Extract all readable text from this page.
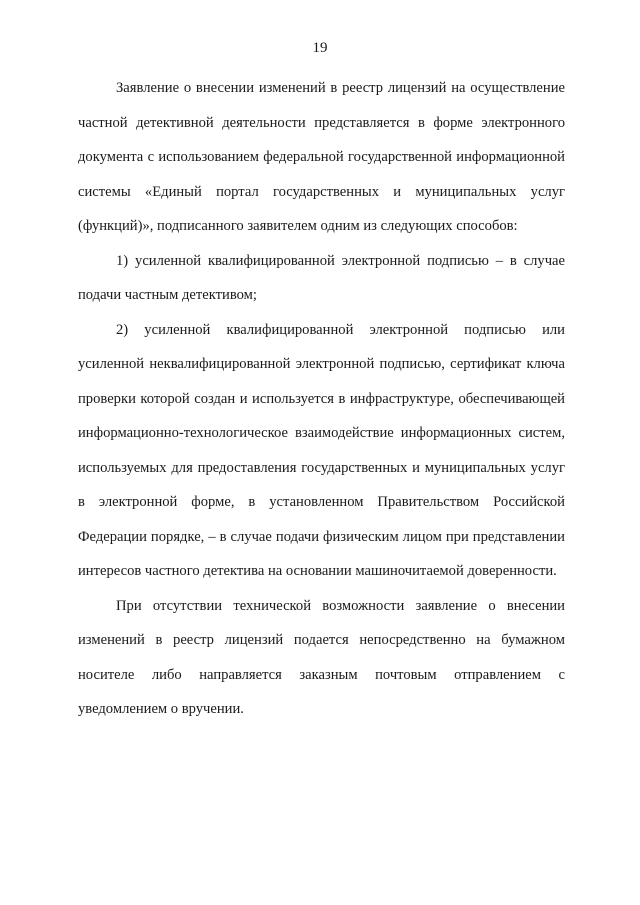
19

Заявление о внесении изменений в реестр лицензий на осуществление частной детективной деятельности представляется в форме электронного документа с использованием федеральной государственной информационной системы «Единый портал государственных и муниципальных услуг (функций)», подписанного заявителем одним из следующих способов:

1) усиленной квалифицированной электронной подписью – в случае подачи частным детективом;

2) усиленной квалифицированной электронной подписью или усиленной неквалифицированной электронной подписью, сертификат ключа проверки которой создан и используется в инфраструктуре, обеспечивающей информационно-технологическое взаимодействие информационных систем, используемых для предоставления государственных и муниципальных услуг в электронной форме, в установленном Правительством Российской Федерации порядке, – в случае подачи физическим лицом при представлении интересов частного детектива на основании машиночитаемой доверенности.

При отсутствии технической возможности заявление о внесении изменений в реестр лицензий подается непосредственно на бумажном носителе либо направляется заказным почтовым отправлением с уведомлением о вручении.
